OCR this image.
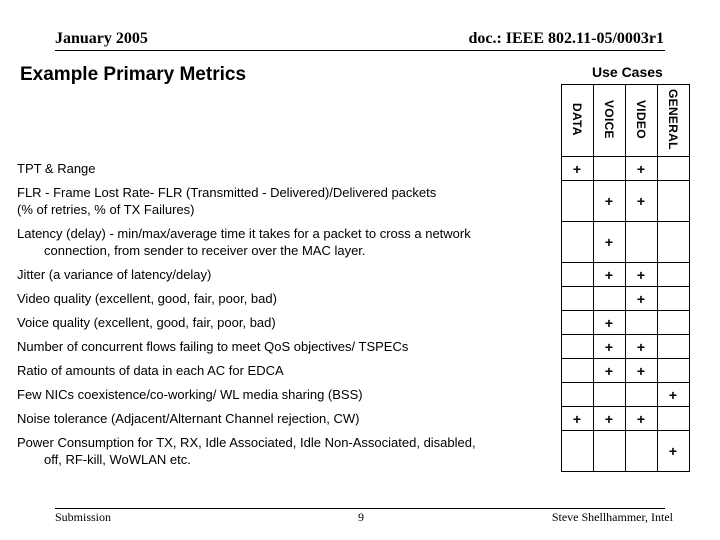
January 2005	doc.: IEEE 802.11-05/0003r1
Example Primary Metrics	Use Cases
	DATA	VOICE	VIDEO	GENERAL

TPT & Range	+		+	

FLR - Frame Lost Rate- FLR (Transmitted - Delivered)/Delivered packets
(% of retries, % of TX Failures)		+	+	

Latency (delay) - min/max/average time it takes for a packet to cross a network
connection, from sender to receiver over the MAC layer.		+		

Jitter (a variance of latency/delay)		+	+	

Video quality (excellent, good, fair, poor, bad)			+	

Voice quality (excellent, good, fair, poor, bad)		+		

Number of concurrent flows failing to meet QoS objectives/ TSPECs		+	+	

Ratio of amounts of data in each AC for EDCA		+	+	

Few NICs coexistence/co-working/ WL media sharing (BSS)				+

Noise tolerance (Adjacent/Alternant Channel rejection, CW)	+	+	+	

Power Consumption for TX, RX, Idle Associated, Idle Non-Associated, disabled,
off, RF-kill, WoWLAN etc.				+
Submission	9	Steve Shellhammer, Intel
